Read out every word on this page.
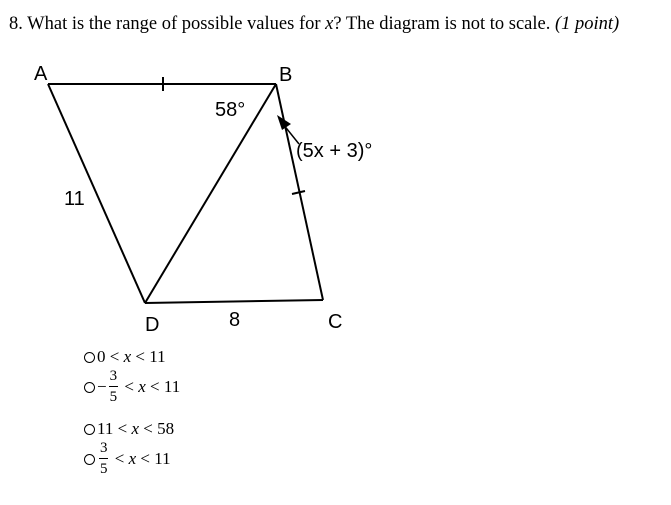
8. What is the range of possible values for x? The diagram is not to scale. (1 point)
A	B
C
D
58°
(5x + 3)°
11
8
0 <
x
< 11
− $\frac{3}{5}$
<
x
< 11
11 <
x
< 58
$\frac{3}{5}$
<
x
< 11
